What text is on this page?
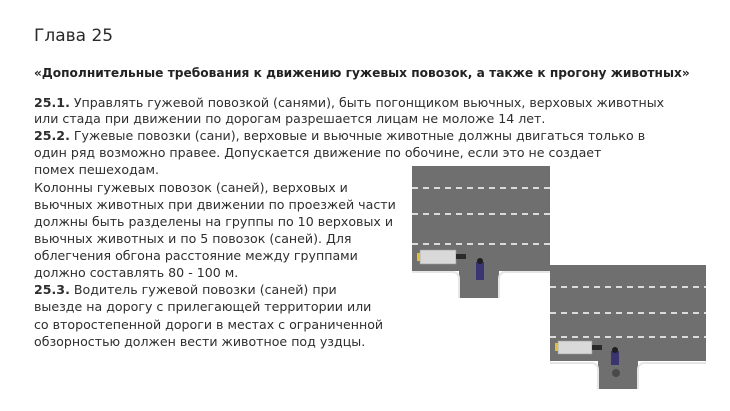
Глава 25
«Дополнительные требования к движению гужевых повозок, а также к прогону животных»
25.1. Управлять гужевой повозкой (санями), быть погонщиком вьючных, верховых животных
или стада при движении по дорогам разрешается лицам не моложе 14 лет.
25.2. Гужевые повозки (сани), верховые и вьючные животные должны двигаться только в
один ряд возможно правее. Допускается движение по обочине, если это не создает
помех пешеходам.
Колонны гужевых повозок (саней), верховых и
вьючных животных при движении по проезжей части
должны быть разделены на группы по 10 верховых и
вьючных животных и по 5 повозок (саней). Для
облегчения обгона расстояние между группами
должно составлять 80 - 100 м.
25.3. Водитель гужевой повозки (саней) при
выезде на дорогу с прилегающей территории или
со второстепенной дороги в местах с ограниченной
обзорностью должен вести животное под уздцы.
